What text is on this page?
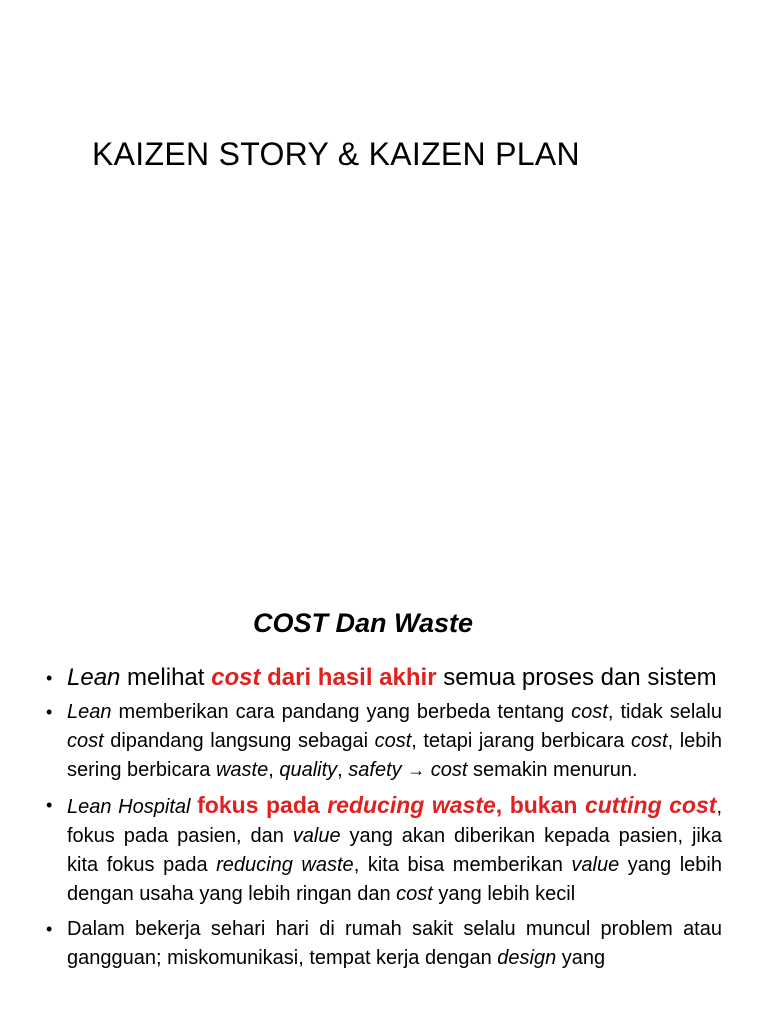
KAIZEN STORY & KAIZEN PLAN
COST Dan Waste
• Lean melihat cost dari hasil akhir semua proses dan sistem
• Lean memberikan cara pandang yang berbeda tentang cost, tidak selalu cost dipandang langsung sebagai cost, tetapi jarang berbicara cost, lebih sering berbicara waste, quality, safety → cost semakin menurun.
• Lean Hospital fokus pada reducing waste, bukan cutting cost, fokus pada pasien, dan value yang akan diberikan kepada pasien, jika kita fokus pada reducing waste, kita bisa memberikan value yang lebih dengan usaha yang lebih ringan dan cost yang lebih kecil
• Dalam bekerja sehari hari di rumah sakit selalu muncul problem atau gangguan; miskomunikasi, tempat kerja dengan design yang
